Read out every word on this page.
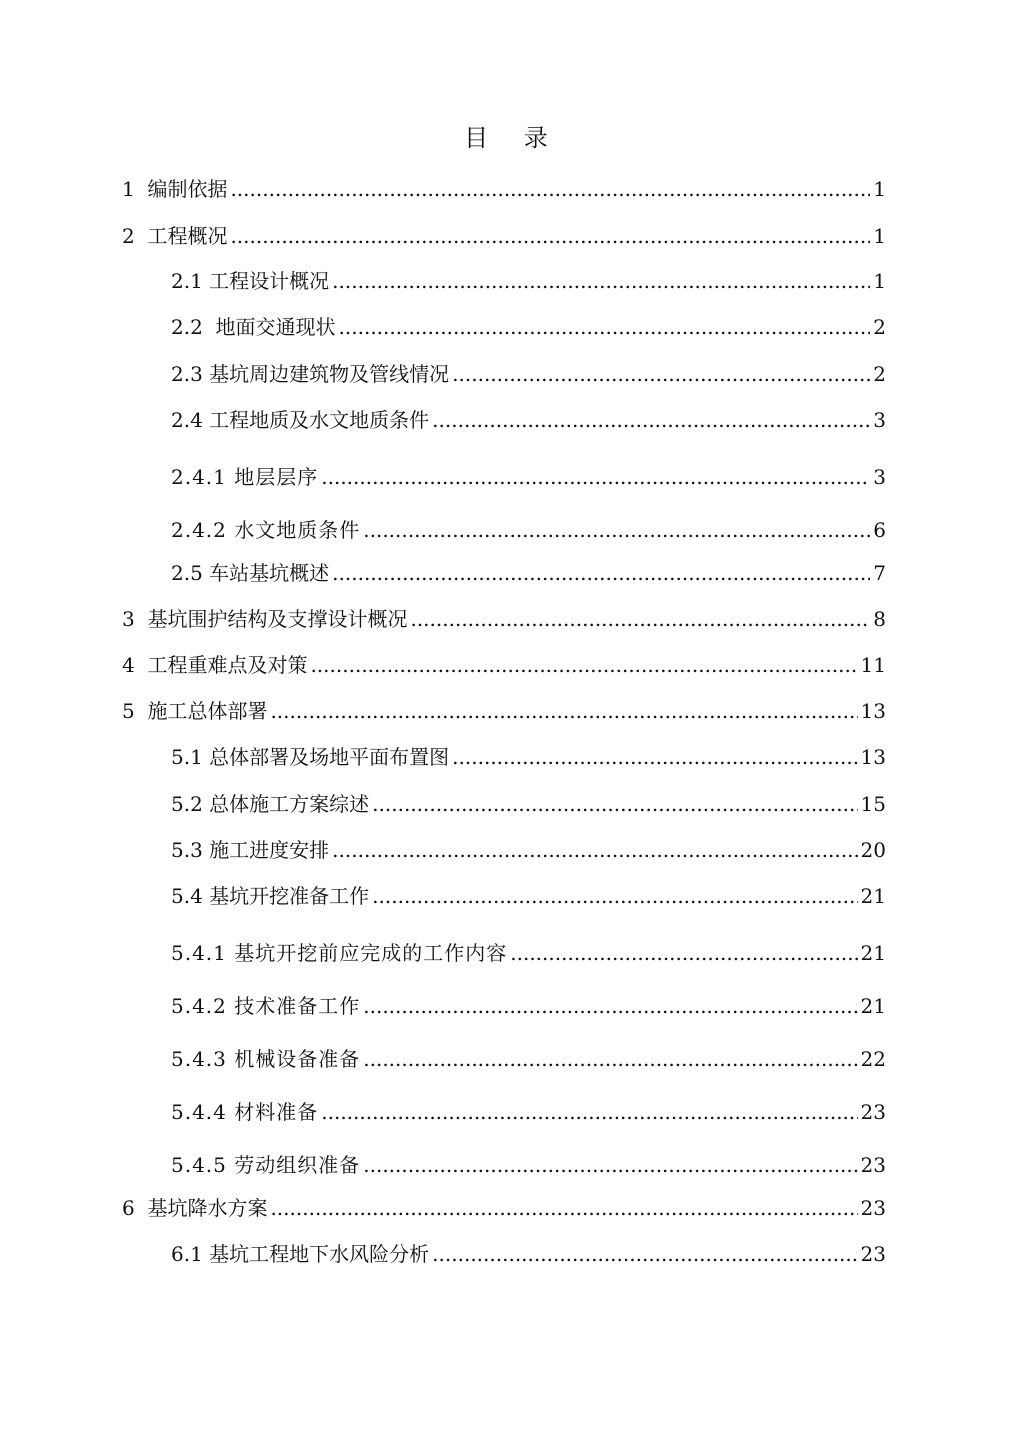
目 录
1 编制依据 .....	1
2 工程概况 .....	1
2.1 工程设计概况 .....	1
2.2 地面交通现状 .....	2
2.3 基坑周边建筑物及管线情况 .....	2
2.4 工程地质及水文地质条件 .....	3
2.4.1 地层层序 .....	3
2.4.2 水文地质条件 .....	6
2.5 车站基坑概述 .....	7
3 基坑围护结构及支撑设计概况 .....	8
4 工程重难点及对策 .....	11
5 施工总体部署 .....	13
5.1 总体部署及场地平面布置图 .....	13
5.2 总体施工方案综述 .....	15
5.3 施工进度安排 .....	20
5.4 基坑开挖准备工作 .....	21
5.4.1 基坑开挖前应完成的工作内容 .....	21
5.4.2 技术准备工作 .....	21
5.4.3 机械设备准备 .....	22
5.4.4 材料准备 .....	23
5.4.5 劳动组织准备 .....	23
6 基坑降水方案 .....	23
6.1 基坑工程地下水风险分析 .....	23
